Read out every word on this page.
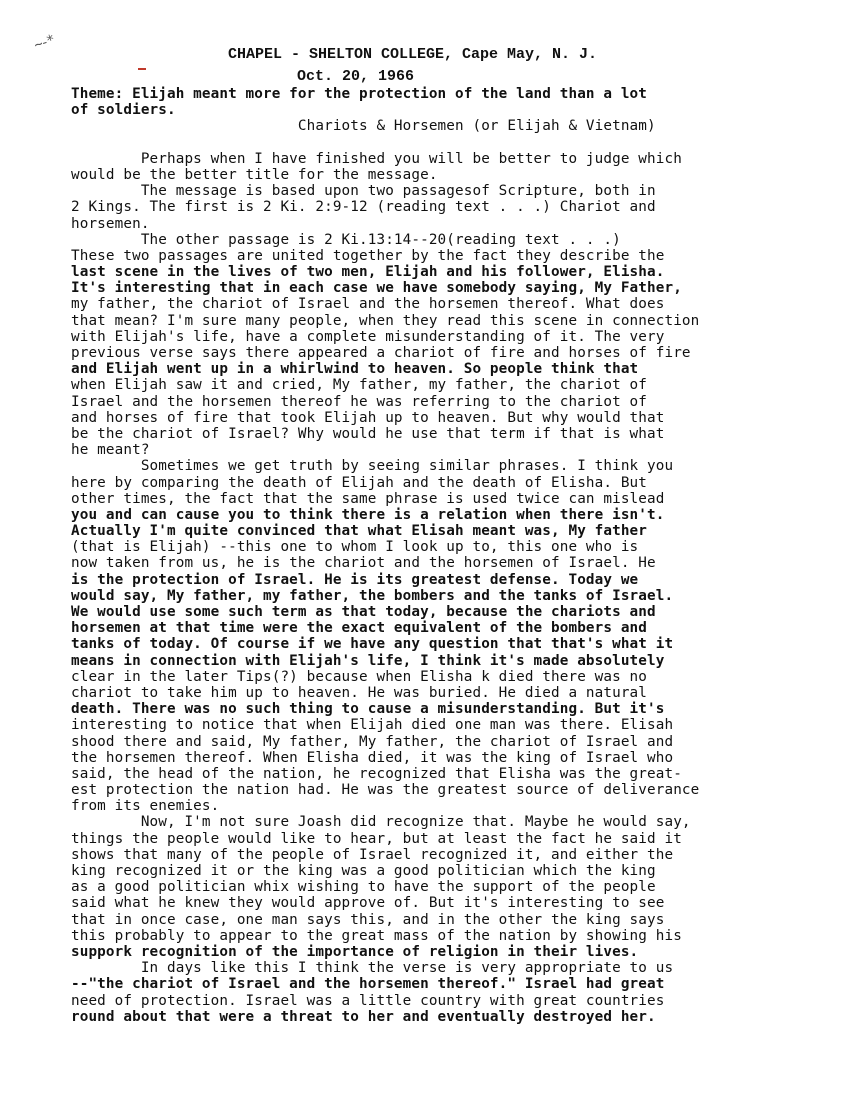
~-*
CHAPEL - SHELTON COLLEGE, Cape May, N. J.
Oct. 20, 1966
Theme: Elijah meant more for the protection of the land than a lot
of soldiers.
Chariots & Horsemen (or Elijah & Vietnam)
Perhaps when I have finished you will be better to judge which
would be the better title for the message.
The message is based upon two passagesof Scripture, both in
2 Kings. The first is 2 Ki. 2:9-12 (reading text . . .) Chariot and
horsemen.
The other passage is 2 Ki.13:14--20(reading text . . .)
These two passages are united together by the fact they describe the
last scene in the lives of two men, Elijah and his follower, Elisha.
It's interesting that in each case we have somebody saying, My Father,
my father, the chariot of Israel and the horsemen thereof. What does
that mean? I'm sure many people, when they read this scene in connection
with Elijah's life, have a complete misunderstanding of it. The very
previous verse says there appeared a chariot of fire and horses of fire
and Elijah went up in a whirlwind to heaven. So people think that
when Elijah saw it and cried, My father, my father, the chariot of
Israel and the horsemen thereof he was referring to the chariot of
and horses of fire that took Elijah up to heaven. But why would that
be the chariot of Israel? Why would he use that term if that is what
he meant?
Sometimes we get truth by seeing similar phrases. I think you
here by comparing the death of Elijah and the death of Elisha. But
other times, the fact that the same phrase is used twice can mislead
you and can cause you to think there is a relation when there isn't.
Actually I'm quite convinced that what Elisah meant was, My father
(that is Elijah) --this one to whom I look up to, this one who is
now taken from us, he is the chariot and the horsemen of Israel. He
is the protection of Israel. He is its greatest defense. Today we
would say, My father, my father, the bombers and the tanks of Israel.
We would use some such term as that today, because the chariots and
horsemen at that time were the exact equivalent of the bombers and
tanks of today. Of course if we have any question that that's what it
means in connection with Elijah's life, I think it's made absolutely
clear in the later Tips(?) because when Elisha k died there was no
chariot to take him up to heaven. He was buried. He died a natural
death. There was no such thing to cause a misunderstanding. But it's
interesting to notice that when Elijah died one man was there. Elisah
shood there and said, My father, My father, the chariot of Israel and
the horsemen thereof. When Elisha died, it was the king of Israel who
said, the head of the nation, he recognized that Elisha was the great-
est protection the nation had. He was the greatest source of deliverance
from its enemies.
Now, I'm not sure Joash did recognize that. Maybe he would say,
things the people would like to hear, but at least the fact he said it
shows that many of the people of Israel recognized it, and either the
king recognized it or the king was a good politician which the king
as a good politician whix wishing to have the support of the people
said what he knew they would approve of. But it's interesting to see
that in once case, one man says this, and in the other the king says
this probably to appear to the great mass of the nation by showing his
suppork recognition of the importance of religion in their lives.
In days like this I think the verse is very appropriate to us
--"the chariot of Israel and the horsemen thereof." Israel had great
need of protection. Israel was a little country with great countries
round about that were a threat to her and eventually destroyed her.
